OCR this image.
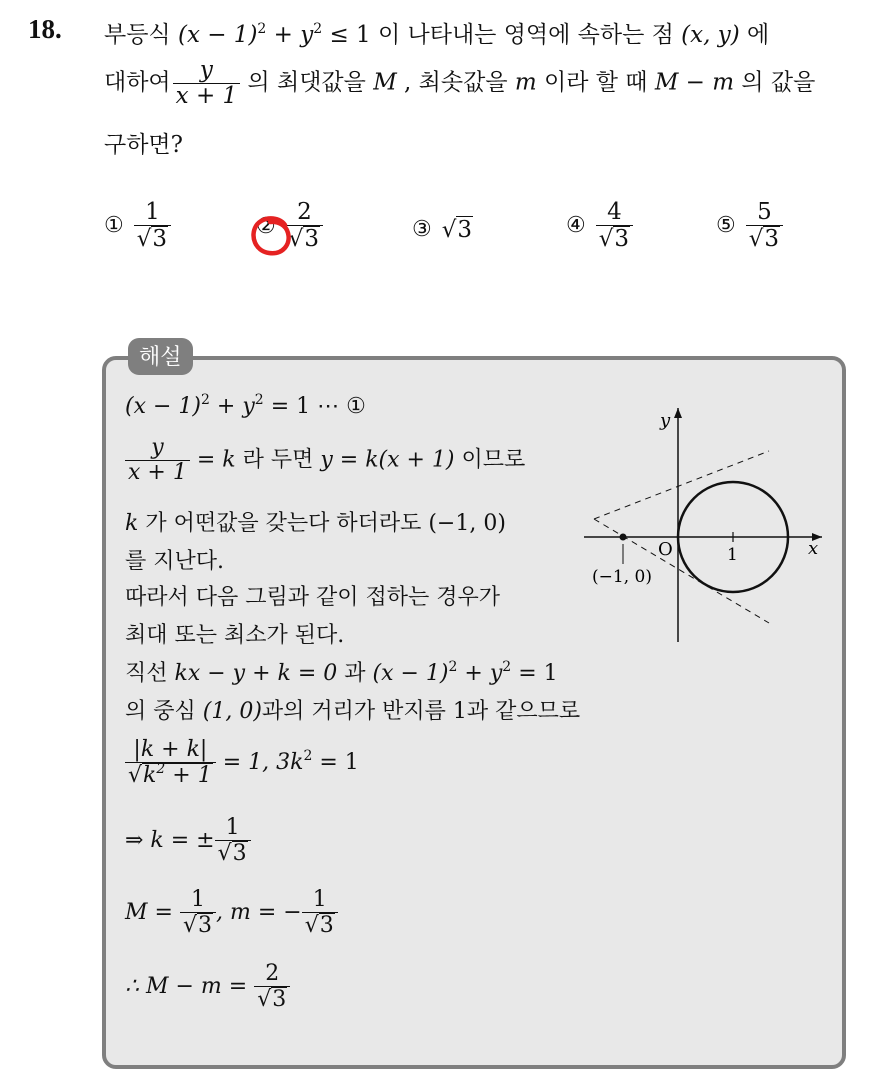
18. 부등식 $(x - 1)^2 + y^2 \le 1$ 이 나타내는 영역에 속하는 점 (x, y) 에
대하여 $\frac{y}{x + 1}$ 의 최댓값을 M , 최솟값을 m 이라 할 때 M − m 의 값을
구하면?
① $\frac{1}{√3}$	② $\frac{2}{√3}$	③ √3	④ $\frac{4}{√3}$	⑤ $\frac{5}{√3}$
해설
$(x - 1)^2 + y^2 = 1$ ⋯ ①
$\frac{y}{x + 1} = k$ 라 두면 y = k(x + 1) 이므로
k 가 어떤값을 갖는다 하더라도 (−1, 0)
를 지난다.
따라서 다음 그림과 같이 접하는 경우가
최대 또는 최소가 된다.
직선 kx − y + k = 0 과 $(x - 1)^2 + y^2 = 1$
의 중심 (1, 0)과의 거리가 반지름 1과 같으므로
$\frac{|k + k|}{√k^2 + 1} = 1$, $3k^2 = 1$
⇒ k = ± $\frac{1}{√3}$
$M = \frac{1}{√3}$ , m = − $\frac{1}{√3}$
∴ $M - m = \frac{2}{√3}$
x
y
O	1
(−1, 0)
